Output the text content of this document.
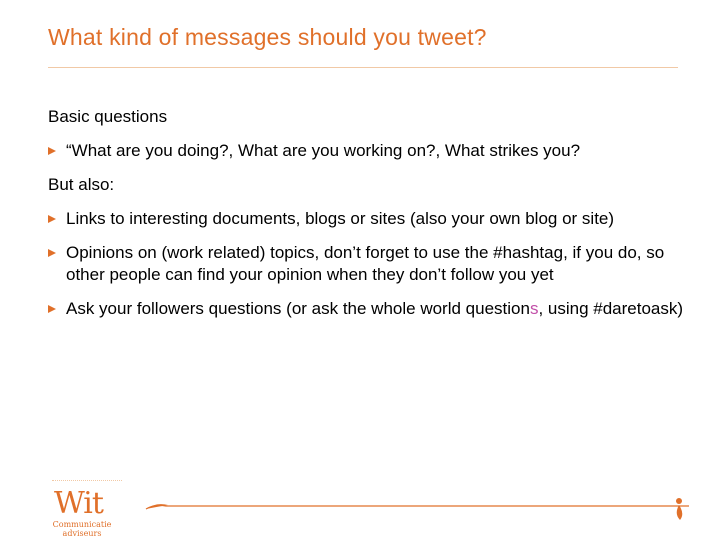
What kind of messages should you tweet?

Basic questions

“What are you doing?, What are you working on?, What strikes you?

But also:

Links to interesting documents, blogs or sites (also your own blog or site)
Opinions on (work related) topics, don’t forget to use the #hashtag, if you do, so other people can find your opinion when they don’t follow you yet
Ask your followers questions (or ask the whole world questions, using #daretoask)
Wit
Communicatie
adviseurs
